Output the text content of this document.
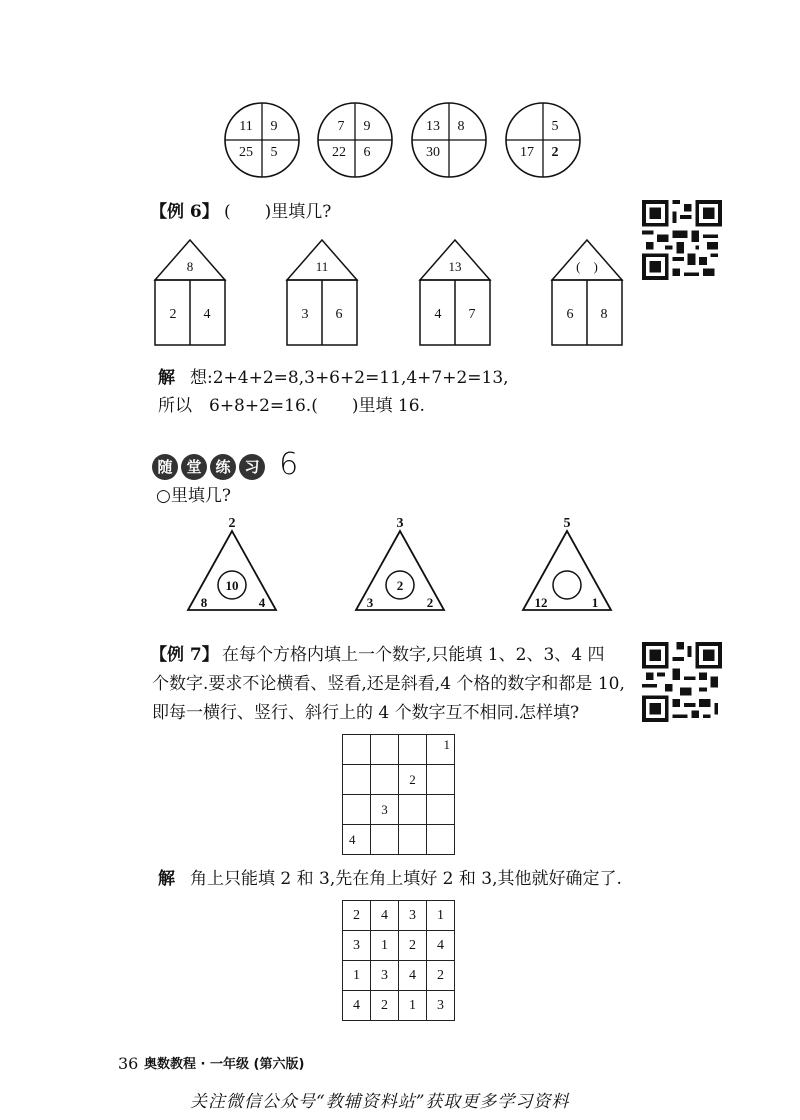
11 9
25 5
7 9
22 6
13 8
30
5
17 2
【例 6】 (　　)里填几?
8
2 4
11
3 6
13
4 7
(　)
6 8
解 想:2+4+2=8,3+6+2=11,4+7+2=13,
所以　6+8+2=16.(　　)里填 16.
随 堂 练 习 6
○里填几?
2
10
8	4
3
2
3	2
5
12	1
【例 7】 在每个方格内填上一个数字,只能填 1、2、3、4 四
个数字.要求不论横看、竖看,还是斜看,4 个格的数字和都是 10,
即每一横行、竖行、斜行上的 4 个数字互不相同.怎样填?
			1
		2	
	3		
4			
解 角上只能填 2 和 3,先在角上填好 2 和 3,其他就好确定了.
2	4	3	1
3	1	2	4
1	3	4	2
4	2	1	3
36 奥数教程 · 一年级 (第六版)
关注微信公众号“教辅资料站”获取更多学习资料
